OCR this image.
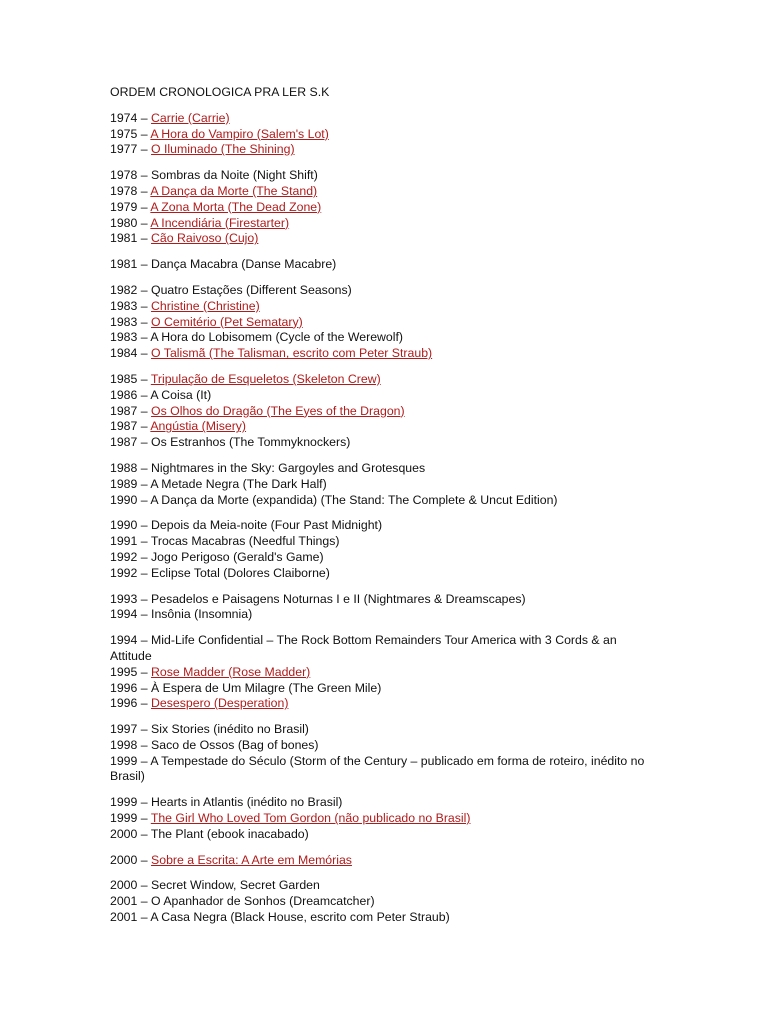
ORDEM CRONOLOGICA PRA LER S.K
1974 – Carrie (Carrie)
1975 – A Hora do Vampiro (Salem's Lot)
1977 – O Iluminado (The Shining)
1978 – Sombras da Noite (Night Shift)
1978 – A Dança da Morte (The Stand)
1979 – A Zona Morta (The Dead Zone)
1980 – A Incendiária (Firestarter)
1981 – Cão Raivoso (Cujo)
1981 – Dança Macabra (Danse Macabre)
1982 – Quatro Estações (Different Seasons)
1983 – Christine (Christine)
1983 – O Cemitério (Pet Sematary)
1983 – A Hora do Lobisomem (Cycle of the Werewolf)
1984 – O Talismã (The Talisman, escrito com Peter Straub)
1985 – Tripulação de Esqueletos (Skeleton Crew)
1986 – A Coisa (It)
1987 – Os Olhos do Dragão (The Eyes of the Dragon)
1987 – Angústia (Misery)
1987 – Os Estranhos (The Tommyknockers)
1988 – Nightmares in the Sky: Gargoyles and Grotesques
1989 – A Metade Negra (The Dark Half)
1990 – A Dança da Morte (expandida) (The Stand: The Complete & Uncut Edition)
1990 – Depois da Meia-noite (Four Past Midnight)
1991 – Trocas Macabras (Needful Things)
1992 – Jogo Perigoso (Gerald's Game)
1992 – Eclipse Total (Dolores Claiborne)
1993 – Pesadelos e Paisagens Noturnas I e II (Nightmares & Dreamscapes)
1994 – Insônia (Insomnia)
1994 – Mid-Life Confidential – The Rock Bottom Remainders Tour America with 3 Cords & an Attitude
1995 – Rose Madder (Rose Madder)
1996 – À Espera de Um Milagre (The Green Mile)
1996 – Desespero (Desperation)
1997 – Six Stories (inédito no Brasil)
1998 – Saco de Ossos (Bag of bones)
1999 – A Tempestade do Século (Storm of the Century – publicado em forma de roteiro, inédito no Brasil)
1999 – Hearts in Atlantis (inédito no Brasil)
1999 – The Girl Who Loved Tom Gordon (não publicado no Brasil)
2000 – The Plant (ebook inacabado)
2000 – Sobre a Escrita: A Arte em Memórias
2000 – Secret Window, Secret Garden
2001 – O Apanhador de Sonhos (Dreamcatcher)
2001 – A Casa Negra (Black House, escrito com Peter Straub)
